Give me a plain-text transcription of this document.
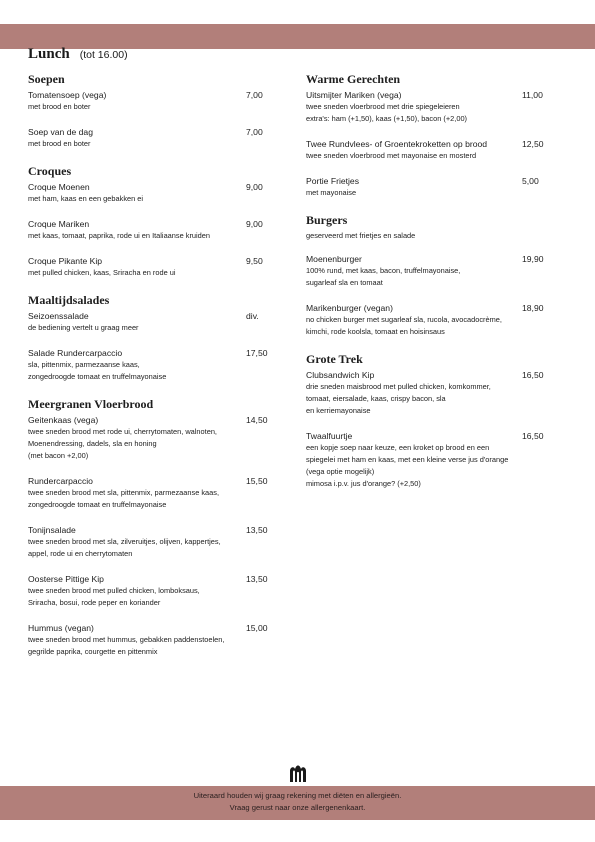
Lunch (tot 16.00)
Soepen
Tomatensoep (vega)	7,00
met brood en boter
Soep van de dag	7,00
met brood en boter
Croques
Croque Moenen	9,00
met ham, kaas en een gebakken ei
Croque Mariken	9,00
met kaas, tomaat, paprika, rode ui en Italiaanse kruiden
Croque Pikante Kip	9,50
met pulled chicken, kaas, Sriracha en rode ui
Maaltijdsalades
Seizoenssalade	div.
de bediening vertelt u graag meer
Salade Rundercarpaccio	17,50
sla, pittenmix, parmezaanse kaas,
zongedroogde tomaat en truffelmayonaise
Meergranen Vloerbrood
Geitenkaas (vega)	14,50
twee sneden brood met rode ui, cherrytomaten, walnoten,
Moenendressing, dadels, sla en honing
(met bacon +2,00)
Rundercarpaccio	15,50
twee sneden brood met sla, pittenmix, parmezaanse kaas,
zongedroogde tomaat en truffelmayonaise
Tonijnsalade	13,50
twee sneden brood met sla, zilveruitjes, olijven, kappertjes,
appel, rode ui en cherrytomaten
Oosterse Pittige Kip	13,50
twee sneden brood met pulled chicken, lomboksaus,
Sriracha, bosui, rode peper en koriander
Hummus (vegan)	15,00
twee sneden brood met hummus, gebakken paddenstoelen,
gegrilde paprika, courgette en pittenmix
Warme Gerechten
Uitsmijter Mariken (vega)	11,00
twee sneden vloerbrood met drie spiegeleieren
extra's: ham (+1,50), kaas (+1,50), bacon (+2,00)
Twee Rundvlees- of Groentekroketten op brood	12,50
twee sneden vloerbrood met mayonaise en mosterd
Portie Frietjes	5,00
met mayonaise
Burgers
geserveerd met frietjes en salade
Moenenburger	19,90
100% rund, met kaas, bacon, truffelmayonaise,
sugarleaf sla en tomaat
Marikenburger (vegan)	18,90
no chicken burger met sugarleaf sla, rucola, avocadocrème,
kimchi, rode koolsla, tomaat en hoisinsaus
Grote Trek
Clubsandwich Kip	16,50
drie sneden maisbrood met pulled chicken, komkommer,
tomaat, eiersalade, kaas, crispy bacon, sla
en kerriemayonaise
Twaalfuurtje	16,50
een kopje soep naar keuze, een kroket op brood en een
spiegelei met ham en kaas, met een kleine verse jus d'orange
(vega optie mogelijk)
mimosa i.p.v. jus d'orange? (+2,50)
Uiteraard houden wij graag rekening met diëten en allergieën.
Vraag gerust naar onze allergenenkaart.
